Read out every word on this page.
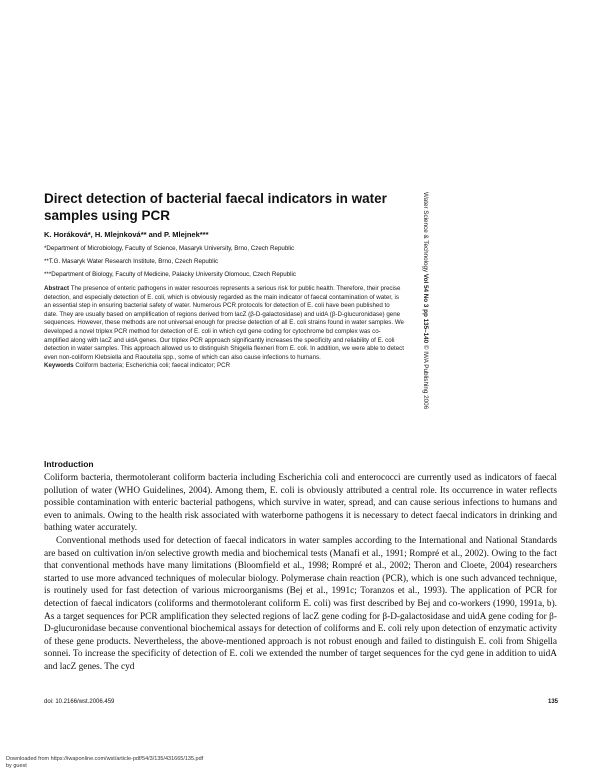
Direct detection of bacterial faecal indicators in water samples using PCR
K. Horáková*, H. Mlejnková** and P. Mlejnek***
*Department of Microbiology, Faculty of Science, Masaryk University, Brno, Czech Republic
**T.G. Masaryk Water Research Institute, Brno, Czech Republic
***Department of Biology, Faculty of Medicine, Palacky University Olomouc, Czech Republic

Abstract The presence of enteric pathogens in water resources represents a serious risk for public health. Therefore, their precise detection, and especially detection of E. coli, which is obviously regarded as the main indicator of faecal contamination of water, is an essential step in ensuring bacterial safety of water. Numerous PCR protocols for detection of E. coli have been published to date. They are usually based on amplification of regions derived from lacZ (β-D-galactosidase) and uidA (β-D-glucuronidase) gene sequences. However, these methods are not universal enough for precise detection of all E. coli strains found in water samples. We developed a novel triplex PCR method for detection of E. coli in which cyd gene coding for cytochrome bd complex was co-amplified along with lacZ and uidA genes. Our triplex PCR approach significantly increases the specificity and reliability of E. coli detection in water samples. This approach allowed us to distinguish Shigella flexneri from E. coli. In addition, we were able to detect even non-coliform Klebsiella and Raoutella spp., some of which can also cause infections to humans.

Keywords Coliform bacteria; Escherichia coli; faecal indicator; PCR

Introduction

Coliform bacteria, thermotolerant coliform bacteria including Escherichia coli and enterococci are currently used as indicators of faecal pollution of water (WHO Guidelines, 2004). Among them, E. coli is obviously attributed a central role. Its occurrence in water reflects possible contamination with enteric bacterial pathogens, which survive in water, spread, and can cause serious infections to humans and even to animals. Owing to the health risk associated with waterborne pathogens it is necessary to detect faecal indicators in drinking and bathing water accurately.

Conventional methods used for detection of faecal indicators in water samples according to the International and National Standards are based on cultivation in/on selective growth media and biochemical tests (Manafi et al., 1991; Rompré et al., 2002). Owing to the fact that conventional methods have many limitations (Bloomfield et al., 1998; Rompré et al., 2002; Theron and Cloete, 2004) researchers started to use more advanced techniques of molecular biology. Polymerase chain reaction (PCR), which is one such advanced technique, is routinely used for fast detection of various microorganisms (Bej et al., 1991c; Toranzos et al., 1993). The application of PCR for detection of faecal indicators (coliforms and thermotolerant coliform E. coli) was first described by Bej and co-workers (1990, 1991a, b). As a target sequences for PCR amplification they selected regions of lacZ gene coding for β-D-galactosidase and uidA gene coding for β-D-glucuronidase because conventional biochemical assays for detection of coliforms and E. coli rely upon detection of enzymatic activity of these gene products. Nevertheless, the above-mentioned approach is not robust enough and failed to distinguish E. coli from Shigella sonnei. To increase the specificity of detection of E. coli we extended the number of target sequences for the cyd gene in addition to uidA and lacZ genes. The cyd

doi: 10.2166/wst.2006.459	135
Downloaded from https://iwaponline.com/wst/article-pdf/54/3/135/431665/135.pdf
by guest
Water Science & Technology Vol 54 No 3 pp 135–140 © IWA Publishing 2006
